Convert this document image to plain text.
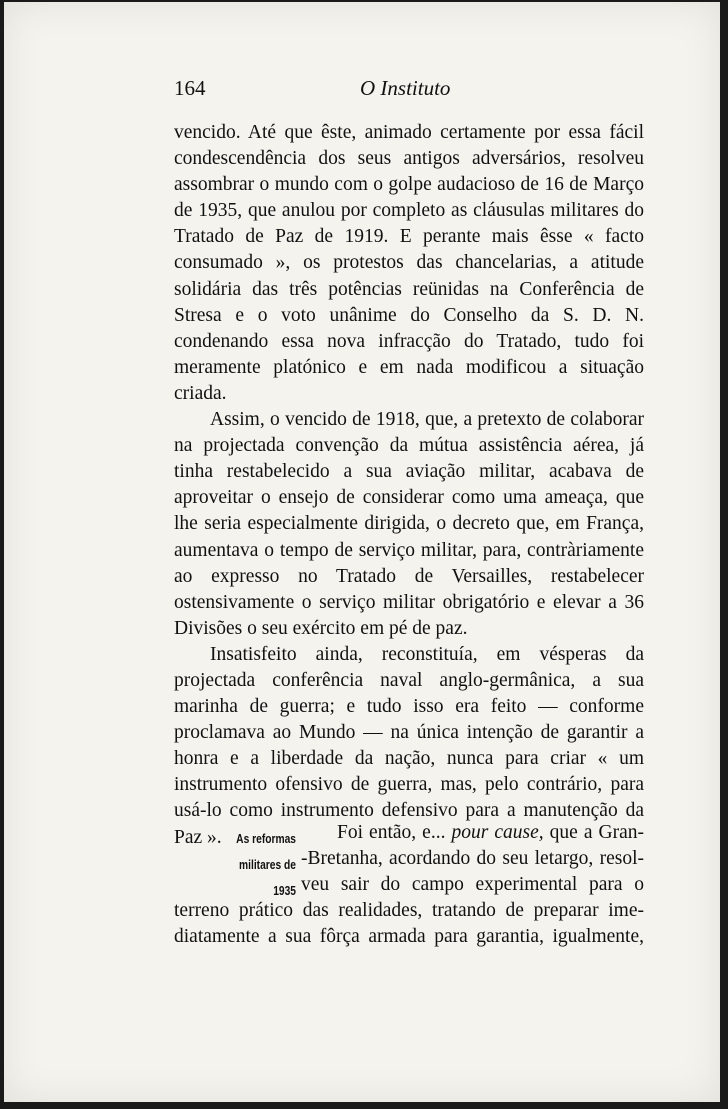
164	O Instituto

vencido. Até que êste, animado certamente por essa fácil condescendência dos seus antigos adversários, resolveu assombrar o mundo com o golpe audacioso de 16 de Março de 1935, que anulou por completo as cláusulas militares do Tratado de Paz de 1919. E perante mais êsse « facto consumado », os protestos das chancelarias, a atitude solidária das três potências reünidas na Conferência de Stresa e o voto unânime do Conselho da S. D. N. condenando essa nova infracção do Tratado, tudo foi meramente platónico e em nada modificou a situação criada.

Assim, o vencido de 1918, que, a pretexto de colaborar na projectada convenção da mútua assistência aérea, já tinha restabelecido a sua aviação militar, acabava de aproveitar o ensejo de considerar como uma ameaça, que lhe seria especialmente dirigida, o decreto que, em França, aumentava o tempo de serviço militar, para, contràriamente ao expresso no Tratado de Versailles, restabelecer ostensivamente o serviço militar obrigatório e elevar a 36 Divisões o seu exército em pé de paz.

Insatisfeito ainda, reconstituía, em vésperas da projectada conferência naval anglo-germânica, a sua marinha de guerra; e tudo isso era feito — conforme proclamava ao Mundo — na única intenção de garantir a honra e a liberdade da nação, nunca para criar « um instrumento ofensivo de guerra, mas, pelo contrário, para usá-lo como instrumento defensivo para a manutenção da Paz ».	As reformas
militares de 1935
Foi então, e... pour cause, que a Gran-
-Bretanha, acordando do seu letargo, resol-
veu sair do campo experimental para o
terreno prático das realidades, tratando de preparar ime-
diatamente a sua fôrça armada para garantia, igualmente,
